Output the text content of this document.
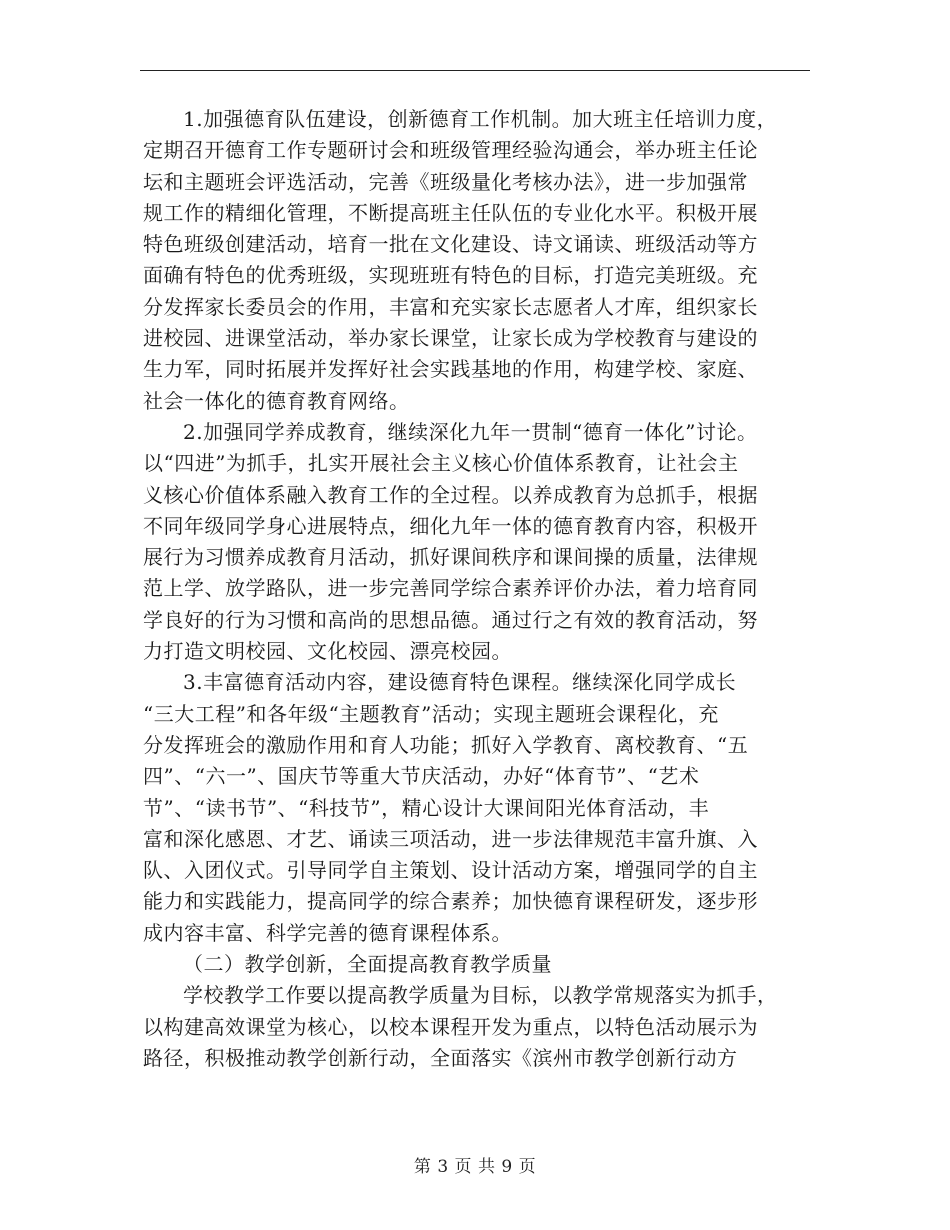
1.加强德育队伍建设，创新德育工作机制。加大班主任培训力度，
定期召开德育工作专题研讨会和班级管理经验沟通会，举办班主任论
坛和主题班会评选活动，完善《班级量化考核办法》，进一步加强常
规工作的精细化管理，不断提高班主任队伍的专业化水平。积极开展
特色班级创建活动，培育一批在文化建设、诗文诵读、班级活动等方
面确有特色的优秀班级，实现班班有特色的目标，打造完美班级。充
分发挥家长委员会的作用，丰富和充实家长志愿者人才库，组织家长
进校园、进课堂活动，举办家长课堂，让家长成为学校教育与建设的
生力军，同时拓展并发挥好社会实践基地的作用，构建学校、家庭、
社会一体化的德育教育网络。
2.加强同学养成教育，继续深化九年一贯制“德育一体化”讨论。
以“四进”为抓手，扎实开展社会主义核心价值体系教育，让社会主
义核心价值体系融入教育工作的全过程。以养成教育为总抓手，根据
不同年级同学身心进展特点，细化九年一体的德育教育内容，积极开
展行为习惯养成教育月活动，抓好课间秩序和课间操的质量，法律规
范上学、放学路队，进一步完善同学综合素养评价办法，着力培育同
学良好的行为习惯和高尚的思想品德。通过行之有效的教育活动，努
力打造文明校园、文化校园、漂亮校园。
3.丰富德育活动内容，建设德育特色课程。继续深化同学成长
“三大工程”和各年级“主题教育”活动；实现主题班会课程化，充
分发挥班会的激励作用和育人功能；抓好入学教育、离校教育、“五
四”、“六一”、国庆节等重大节庆活动，办好“体育节”、“艺术
节”、“读书节”、“科技节”，精心设计大课间阳光体育活动，丰
富和深化感恩、才艺、诵读三项活动，进一步法律规范丰富升旗、入
队、入团仪式。引导同学自主策划、设计活动方案，增强同学的自主
能力和实践能力，提高同学的综合素养；加快德育课程研发，逐步形
成内容丰富、科学完善的德育课程体系。
（二）教学创新，全面提高教育教学质量
学校教学工作要以提高教学质量为目标，以教学常规落实为抓手，
以构建高效课堂为核心，以校本课程开发为重点，以特色活动展示为
路径，积极推动教学创新行动，全面落实《滨州市教学创新行动方
第 3 页 共 9 页
